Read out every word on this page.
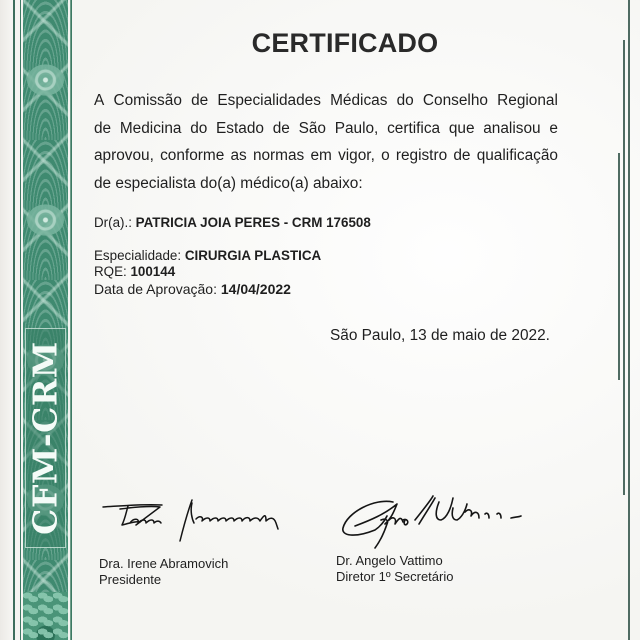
CFM-CRM
CERTIFICADO
A Comissão de Especialidades Médicas do Conselho Regional
de Medicina do Estado de São Paulo, certifica que analisou e
aprovou, conforme as normas em vigor, o registro de qualificação
de especialista do(a) médico(a) abaixo:
Dr(a).: PATRICIA JOIA PERES - CRM 176508
Especialidade: CIRURGIA PLASTICA
RQE: 100144
Data de Aprovação: 14/04/2022
São Paulo, 13 de maio de 2022.
Dra. Irene Abramovich
Presidente
Dr. Angelo Vattimo
Diretor 1º Secretário
